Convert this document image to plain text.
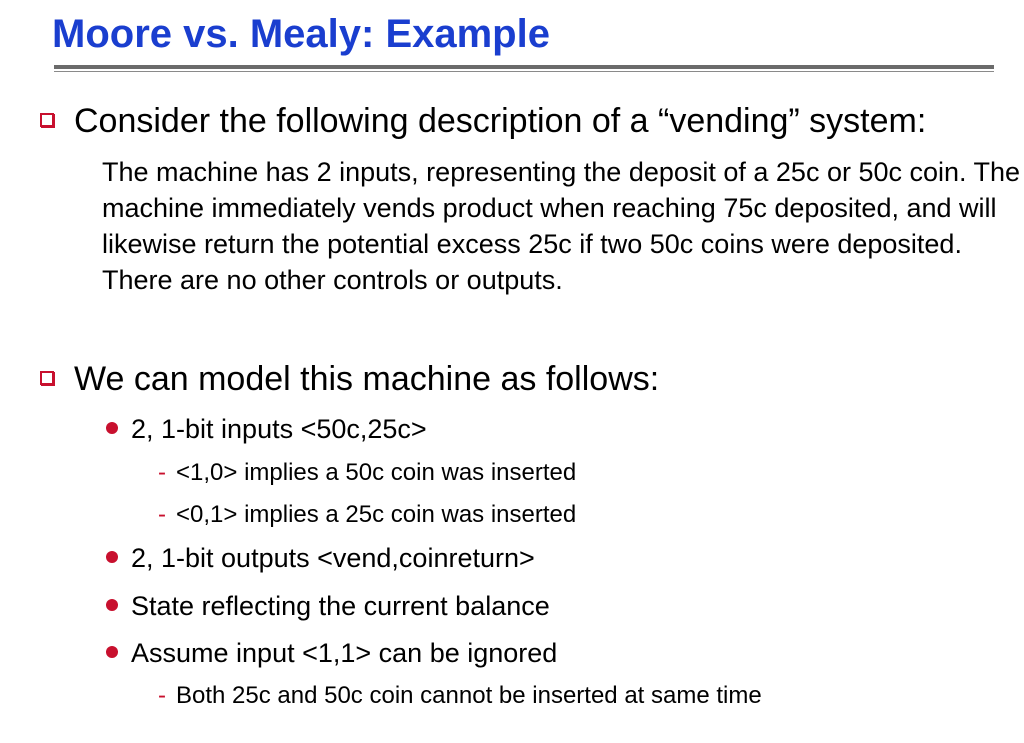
Moore vs. Mealy: Example
Consider the following description of a “vending” system:
The machine has 2 inputs, representing the deposit of a 25c or 50c coin. The machine immediately vends product when reaching 75c deposited, and will likewise return the potential excess 25c if two 50c coins were deposited. There are no other controls or outputs.
We can model this machine as follows:
2, 1-bit inputs <50c,25c>
- <1,0> implies a 50c coin was inserted
- <0,1> implies a 25c coin was inserted
2, 1-bit outputs <vend,coinreturn>
State reflecting the current balance
Assume input <1,1> can be ignored
- Both 25c and 50c coin cannot be inserted at same time
